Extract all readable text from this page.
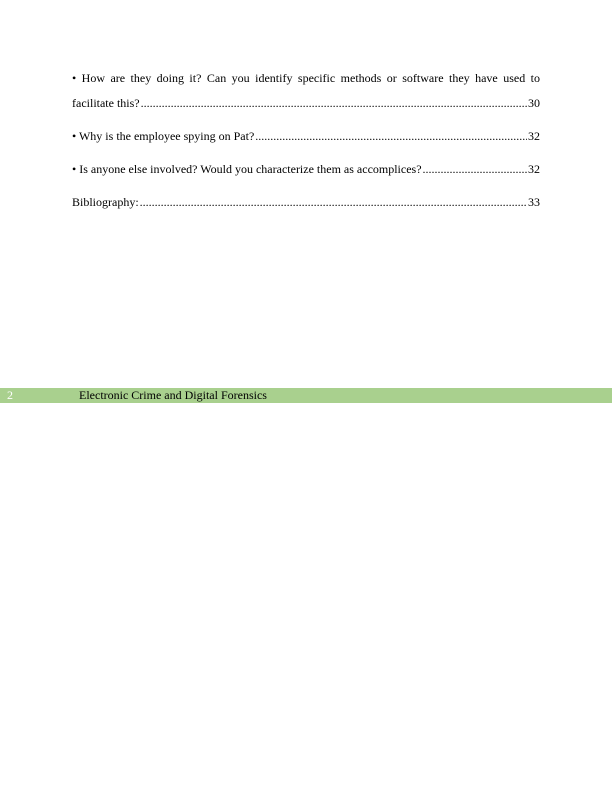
• How are they doing it? Can you identify specific methods or software they have used to
facilitate this? .....	30
• Why is the employee spying on Pat? .....	32
• Is anyone else involved? Would you characterize them as accomplices? .....	32
Bibliography: .....	33
2	Electronic Crime and Digital Forensics
